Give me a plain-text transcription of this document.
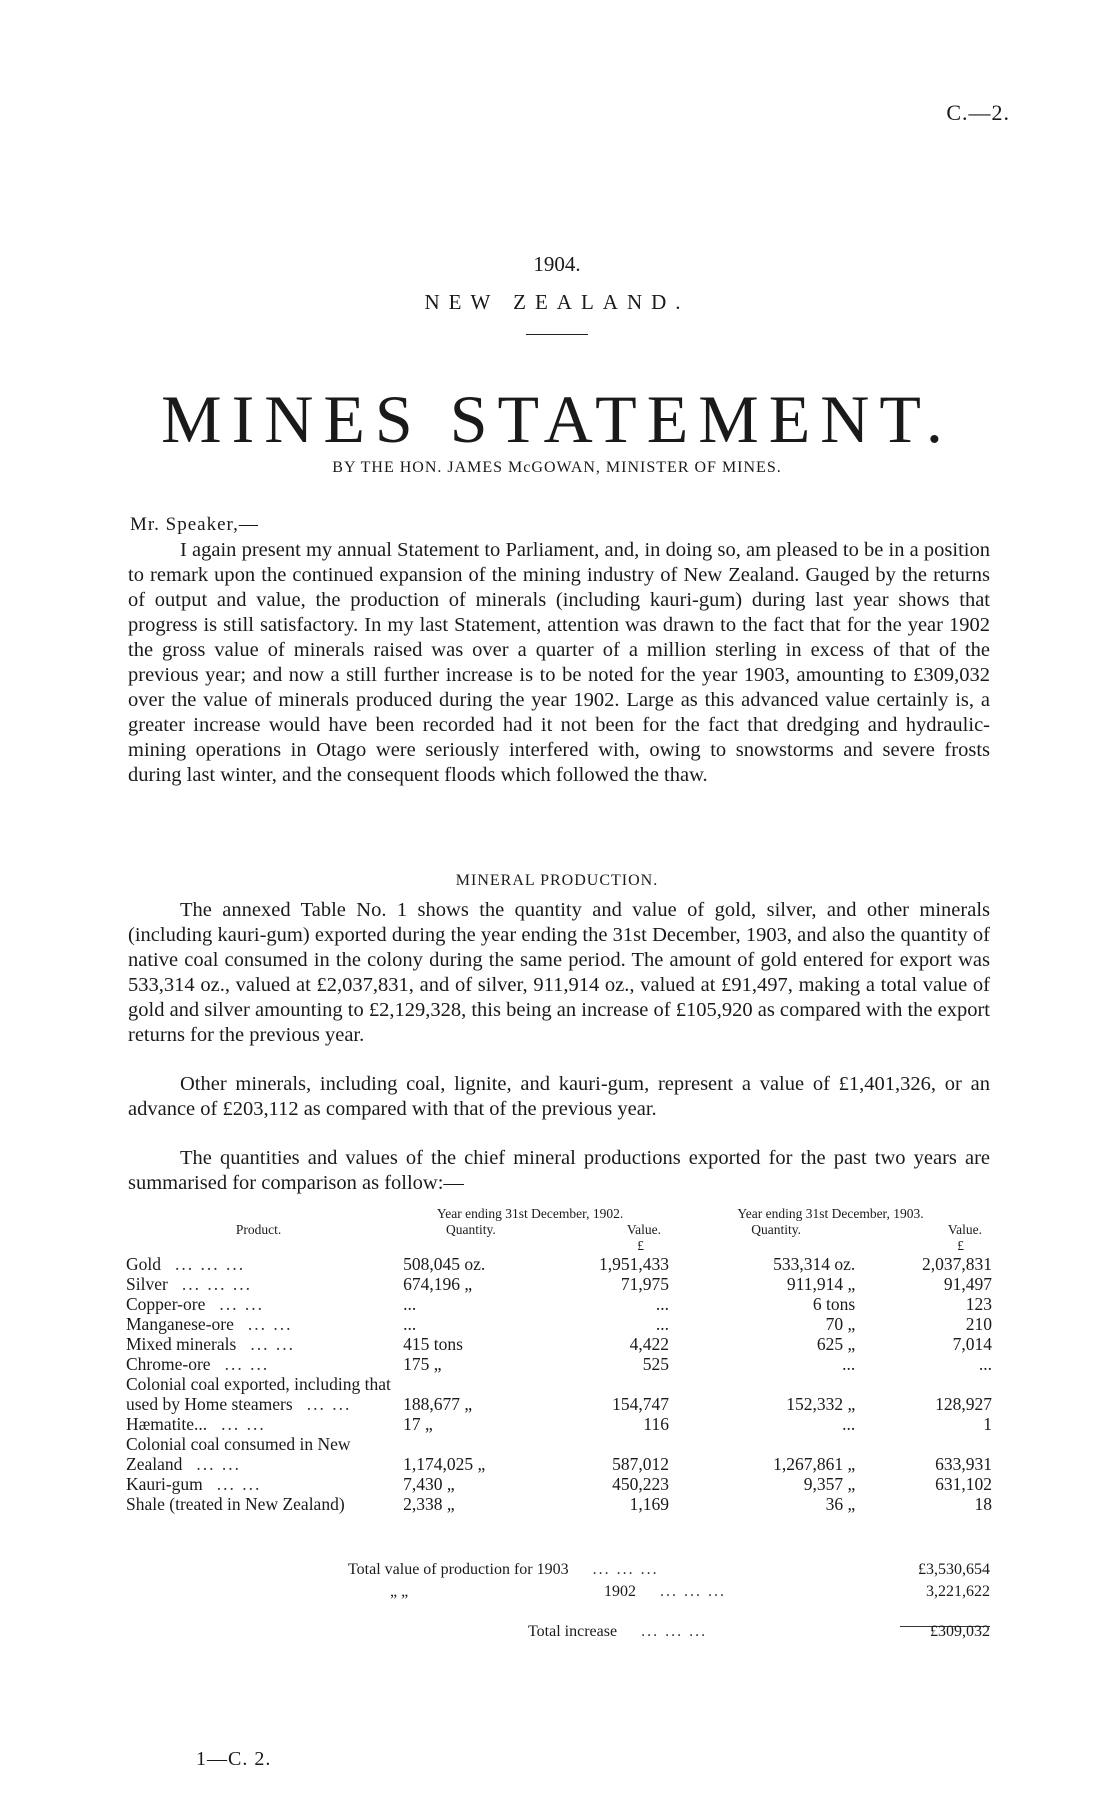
C.—2.
1904.
NEW ZEALAND.
MINES STATEMENT.
BY THE HON. JAMES McGOWAN, MINISTER OF MINES.
Mr. Speaker,—

I again present my annual Statement to Parliament, and, in doing so, am pleased to be in a position to remark upon the continued expansion of the mining industry of New Zealand. Gauged by the returns of output and value, the production of minerals (including kauri-gum) during last year shows that progress is still satisfactory. In my last Statement, attention was drawn to the fact that for the year 1902 the gross value of minerals raised was over a quarter of a million sterling in excess of that of the previous year; and now a still further increase is to be noted for the year 1903, amounting to £309,032 over the value of minerals produced during the year 1902. Large as this advanced value certainly is, a greater increase would have been recorded had it not been for the fact that dredging and hydraulic-mining operations in Otago were seriously interfered with, owing to snowstorms and severe frosts during last winter, and the consequent floods which followed the thaw.

MINERAL PRODUCTION.

The annexed Table No. 1 shows the quantity and value of gold, silver, and other minerals (including kauri-gum) exported during the year ending the 31st December, 1903, and also the quantity of native coal consumed in the colony during the same period. The amount of gold entered for export was 533,314 oz., valued at £2,037,831, and of silver, 911,914 oz., valued at £91,497, making a total value of gold and silver amounting to £2,129,328, this being an increase of £105,920 as compared with the export returns for the previous year.

Other minerals, including coal, lignite, and kauri-gum, represent a value of £1,401,326, or an advance of £203,112 as compared with that of the previous year.

The quantities and values of the chief mineral productions exported for the past two years are summarised for comparison as follow:—

	Year ending 31st December, 1902.		Year ending 31st December, 1903.	
Product.	Quantity.	Value.	Quantity.	Value.
		£		£
Gold ... ... ...	508,045 oz.	1,951,433	533,314 oz.	2,037,831
Silver ... ... ...	674,196 „	71,975	911,914 „	91,497
Copper-ore ... ...	...	...	6 tons	123
Manganese-ore ... ...	...	...	70 „	210
Mixed minerals ... ...	415 tons	4,422	625 „	7,014
Chrome-ore ... ...	175 „	525	...	...
Colonial coal exported, including that used by Home steamers ... ...	188,677 „	154,747	152,332 „	128,927
Hæmatite... ... ...	17 „	116	...	1
Colonial coal consumed in New Zealand ... ...	1,174,025 „	587,012	1,267,861 „	633,931
Kauri-gum ... ...	7,430 „	450,223	9,357 „	631,102
Shale (treated in New Zealand)	2,338 „	1,169	36 „	18
Total value of production for 1903 ... ... ...	£3,530,654
„ „	1902 ... ... ...	3,221,622
Total increase ... ... ...	£309,032
1—C. 2.
